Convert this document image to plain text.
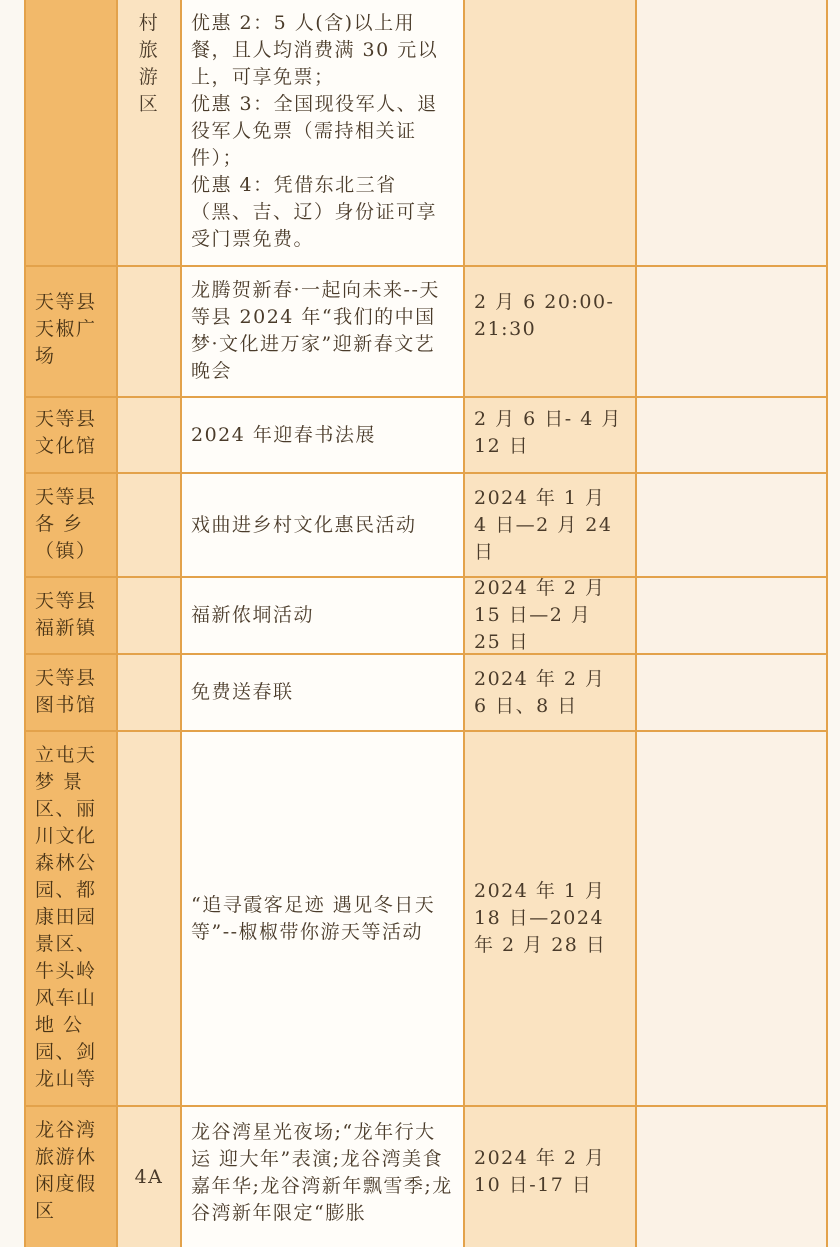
村旅游区
优惠 2：5 人(含)以上用餐，且人均消费满 30 元以上，可享免票；
优惠 3：全国现役军人、退役军人免票（需持相关证件）；
优惠 4：凭借东北三省（黑、吉、辽）身份证可享受门票免费。
天等县天椒广场
龙腾贺新春·一起向未来--天等县 2024 年“我们的中国梦·文化进万家”迎新春文艺晚会
2 月 6 20:00-21:30
天等县文化馆
2024 年迎春书法展
2 月 6 日- 4 月 12 日
天等县各 乡（镇）
戏曲进乡村文化惠民活动
2024 年 1 月 4 日—2 月 24 日
天等县福新镇
福新侬垌活动
2024 年 2 月 15 日—2 月 25 日
天等县图书馆
免费送春联
2024 年 2 月 6 日、8 日
立屯天梦 景区、丽川文化森林公园、都康田园景区、牛头岭风车山地 公园、剑龙山等
“追寻霞客足迹 遇见冬日天等”--椒椒带你游天等活动
2024 年 1 月 18 日—2024 年 2 月 28 日
龙谷湾旅游休闲度假区
4A
龙谷湾星光夜场;“龙年行大运 迎大年”表演;龙谷湾美食嘉年华;龙谷湾新年飘雪季;龙谷湾新年限定“膨胀
2024 年 2 月 10 日-17 日
